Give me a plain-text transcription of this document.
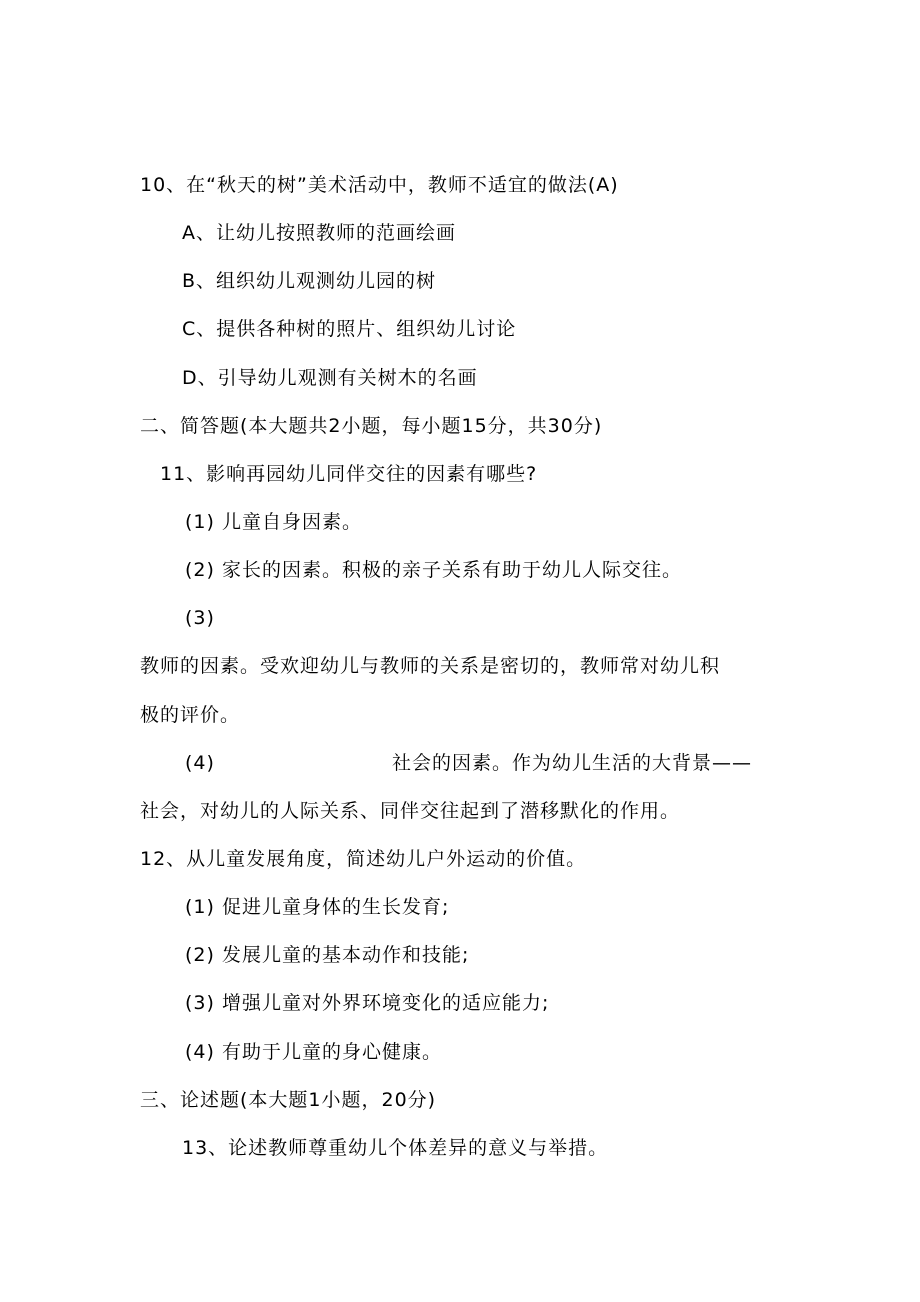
10、在“秋天的树”美术活动中，教师不适宜的做法(A)
A、让幼儿按照教师的范画绘画
B、组织幼儿观测幼儿园的树
C、提供各种树的照片、组织幼儿讨论
D、引导幼儿观测有关树木的名画
二、简答题(本大题共2小题，每小题15分，共30分)
11、影响再园幼儿同伴交往的因素有哪些?
(1) 儿童自身因素。
(2) 家长的因素。积极的亲子关系有助于幼儿人际交往。
(3)
教师的因素。受欢迎幼儿与教师的关系是密切的，教师常对幼儿积
极的评价。
(4)	社会的因素。作为幼儿生活的大背景——
社会，对幼儿的人际关系、同伴交往起到了潜移默化的作用。
12、从儿童发展角度，简述幼儿户外运动的价值。
(1) 促进儿童身体的生长发育;
(2) 发展儿童的基本动作和技能;
(3) 增强儿童对外界环境变化的适应能力;
(4) 有助于儿童的身心健康。
三、论述题(本大题1小题，20分)
13、论述教师尊重幼儿个体差异的意义与举措。
